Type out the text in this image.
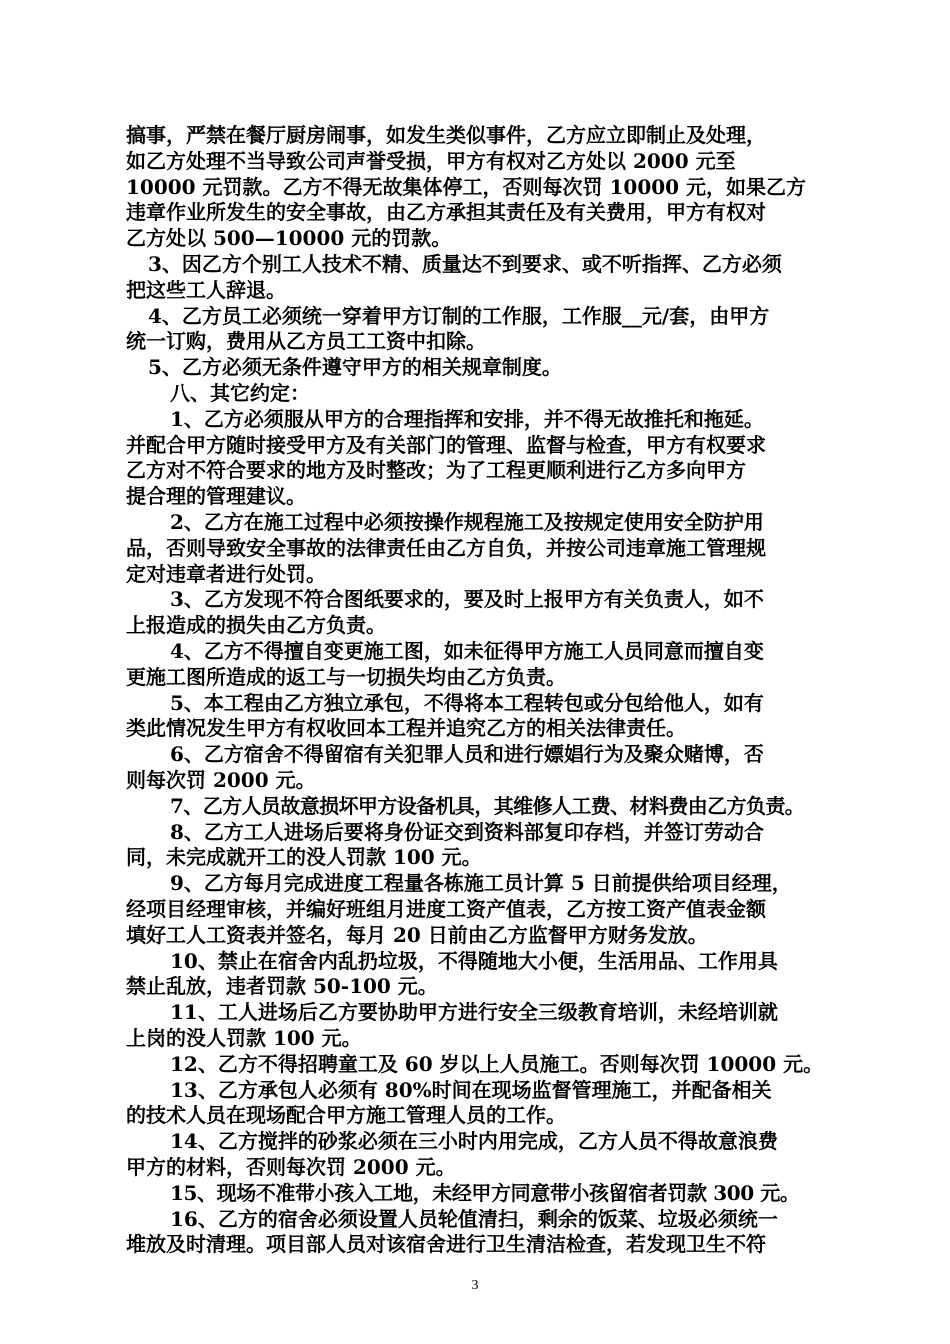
搞事，严禁在餐厅厨房闹事，如发生类似事件，乙方应立即制止及处理，
如乙方处理不当导致公司声誉受损，甲方有权对乙方处以 2000 元至
10000 元罚款。乙方不得无故集体停工，否则每次罚 10000 元，如果乙方
违章作业所发生的安全事故，由乙方承担其责任及有关费用，甲方有权对
乙方处以 500—10000 元的罚款。
3、因乙方个别工人技术不精、质量达不到要求、或不听指挥、乙方必须
把这些工人辞退。
4、乙方员工必须统一穿着甲方订制的工作服，工作服__元/套，由甲方
统一订购，费用从乙方员工工资中扣除。
5、乙方必须无条件遵守甲方的相关规章制度。
八、其它约定：
1、乙方必须服从甲方的合理指挥和安排，并不得无故推托和拖延。
并配合甲方随时接受甲方及有关部门的管理、监督与检查，甲方有权要求
乙方对不符合要求的地方及时整改；为了工程更顺利进行乙方多向甲方
提合理的管理建议。
2、乙方在施工过程中必须按操作规程施工及按规定使用安全防护用
品，否则导致安全事故的法律责任由乙方自负，并按公司违章施工管理规
定对违章者进行处罚。
3、乙方发现不符合图纸要求的，要及时上报甲方有关负责人，如不
上报造成的损失由乙方负责。
4、乙方不得擅自变更施工图，如未征得甲方施工人员同意而擅自变
更施工图所造成的返工与一切损失均由乙方负责。
5、本工程由乙方独立承包，不得将本工程转包或分包给他人，如有
类此情况发生甲方有权收回本工程并追究乙方的相关法律责任。
6、乙方宿舍不得留宿有关犯罪人员和进行嫖娼行为及聚众赌博，否
则每次罚 2000 元。
7、乙方人员故意损坏甲方设备机具，其维修人工费、材料费由乙方负责。
8、乙方工人进场后要将身份证交到资料部复印存档，并签订劳动合
同，未完成就开工的没人罚款 100 元。
9、乙方每月完成进度工程量各栋施工员计算 5 日前提供给项目经理，
经项目经理审核，并编好班组月进度工资产值表，乙方按工资产值表金额
填好工人工资表并签名，每月 20 日前由乙方监督甲方财务发放。
10、禁止在宿舍内乱扔垃圾，不得随地大小便，生活用品、工作用具
禁止乱放，违者罚款 50-100 元。
11、工人进场后乙方要协助甲方进行安全三级教育培训，未经培训就
上岗的没人罚款 100 元。
12、乙方不得招聘童工及 60 岁以上人员施工。否则每次罚 10000 元。
13、乙方承包人必须有 80%时间在现场监督管理施工，并配备相关
的技术人员在现场配合甲方施工管理人员的工作。
14、乙方搅拌的砂浆必须在三小时内用完成，乙方人员不得故意浪费
甲方的材料，否则每次罚 2000 元。
15、现场不准带小孩入工地，未经甲方同意带小孩留宿者罚款 300 元。
16、乙方的宿舍必须设置人员轮值清扫，剩余的饭菜、垃圾必须统一
堆放及时清理。项目部人员对该宿舍进行卫生清洁检查，若发现卫生不符
3
